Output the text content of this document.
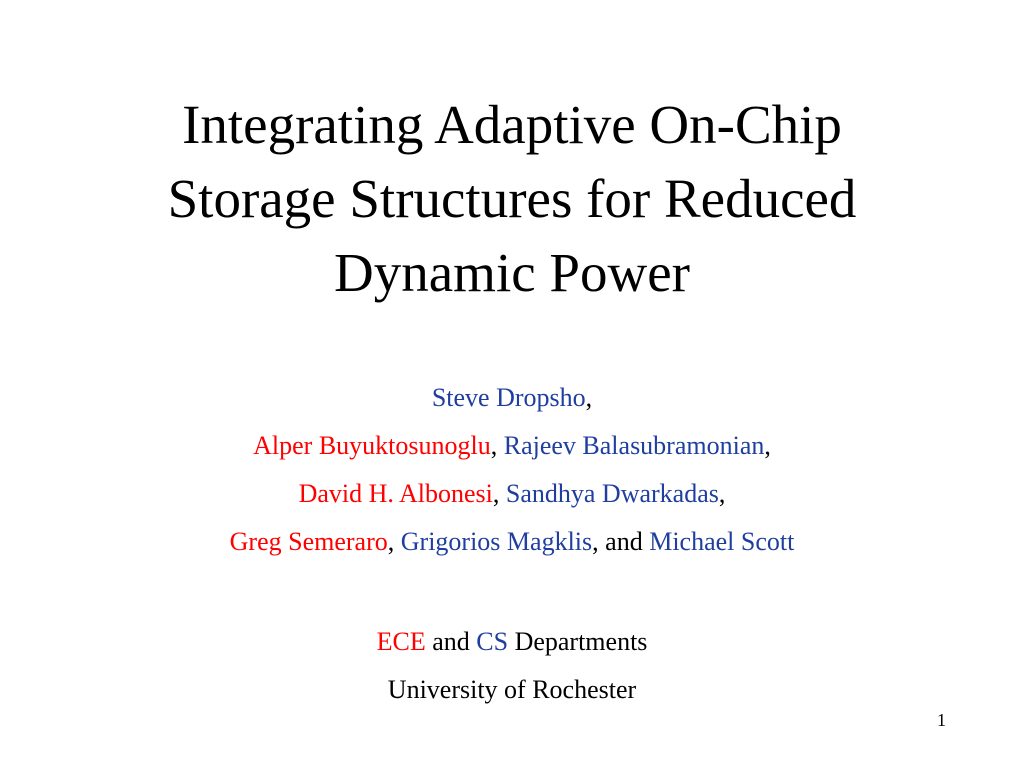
Integrating Adaptive On-Chip
Storage Structures for Reduced
Dynamic Power
Steve Dropsho,
Alper Buyuktosunoglu, Rajeev Balasubramonian,
David H. Albonesi, Sandhya Dwarkadas,
Greg Semeraro, Grigorios Magklis, and Michael Scott
ECE and CS Departments
University of Rochester
1
